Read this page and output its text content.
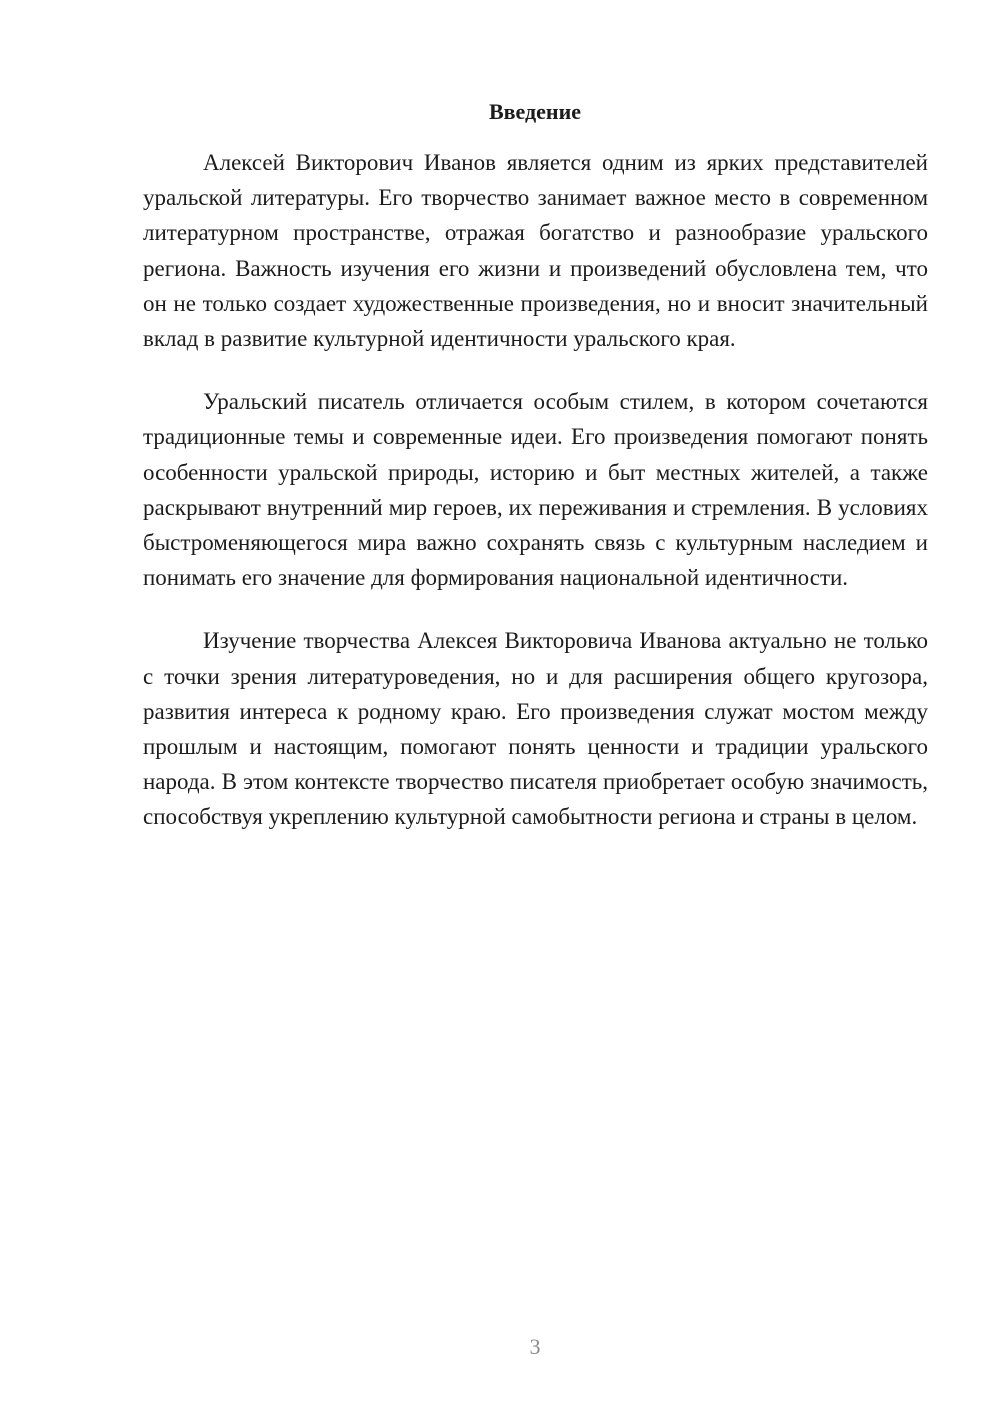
Введение

Алексей Викторович Иванов является одним из ярких представителей уральской литературы. Его творчество занимает важное место в современном литературном пространстве, отражая богатство и разнообразие уральского региона. Важность изучения его жизни и произведений обусловлена тем, что он не только создает художественные произведения, но и вносит значительный вклад в развитие культурной идентичности уральского края.

Уральский писатель отличается особым стилем, в котором сочетаются традиционные темы и современные идеи. Его произведения помогают понять особенности уральской природы, историю и быт местных жителей, а также раскрывают внутренний мир героев, их переживания и стремления. В условиях быстроменяющегося мира важно сохранять связь с культурным наследием и понимать его значение для формирования национальной идентичности.

Изучение творчества Алексея Викторовича Иванова актуально не только с точки зрения литературоведения, но и для расширения общего кругозора, развития интереса к родному краю. Его произведения служат мостом между прошлым и настоящим, помогают понять ценности и традиции уральского народа. В этом контексте творчество писателя приобретает особую значимость, способствуя укреплению культурной самобытности региона и страны в целом.

3
